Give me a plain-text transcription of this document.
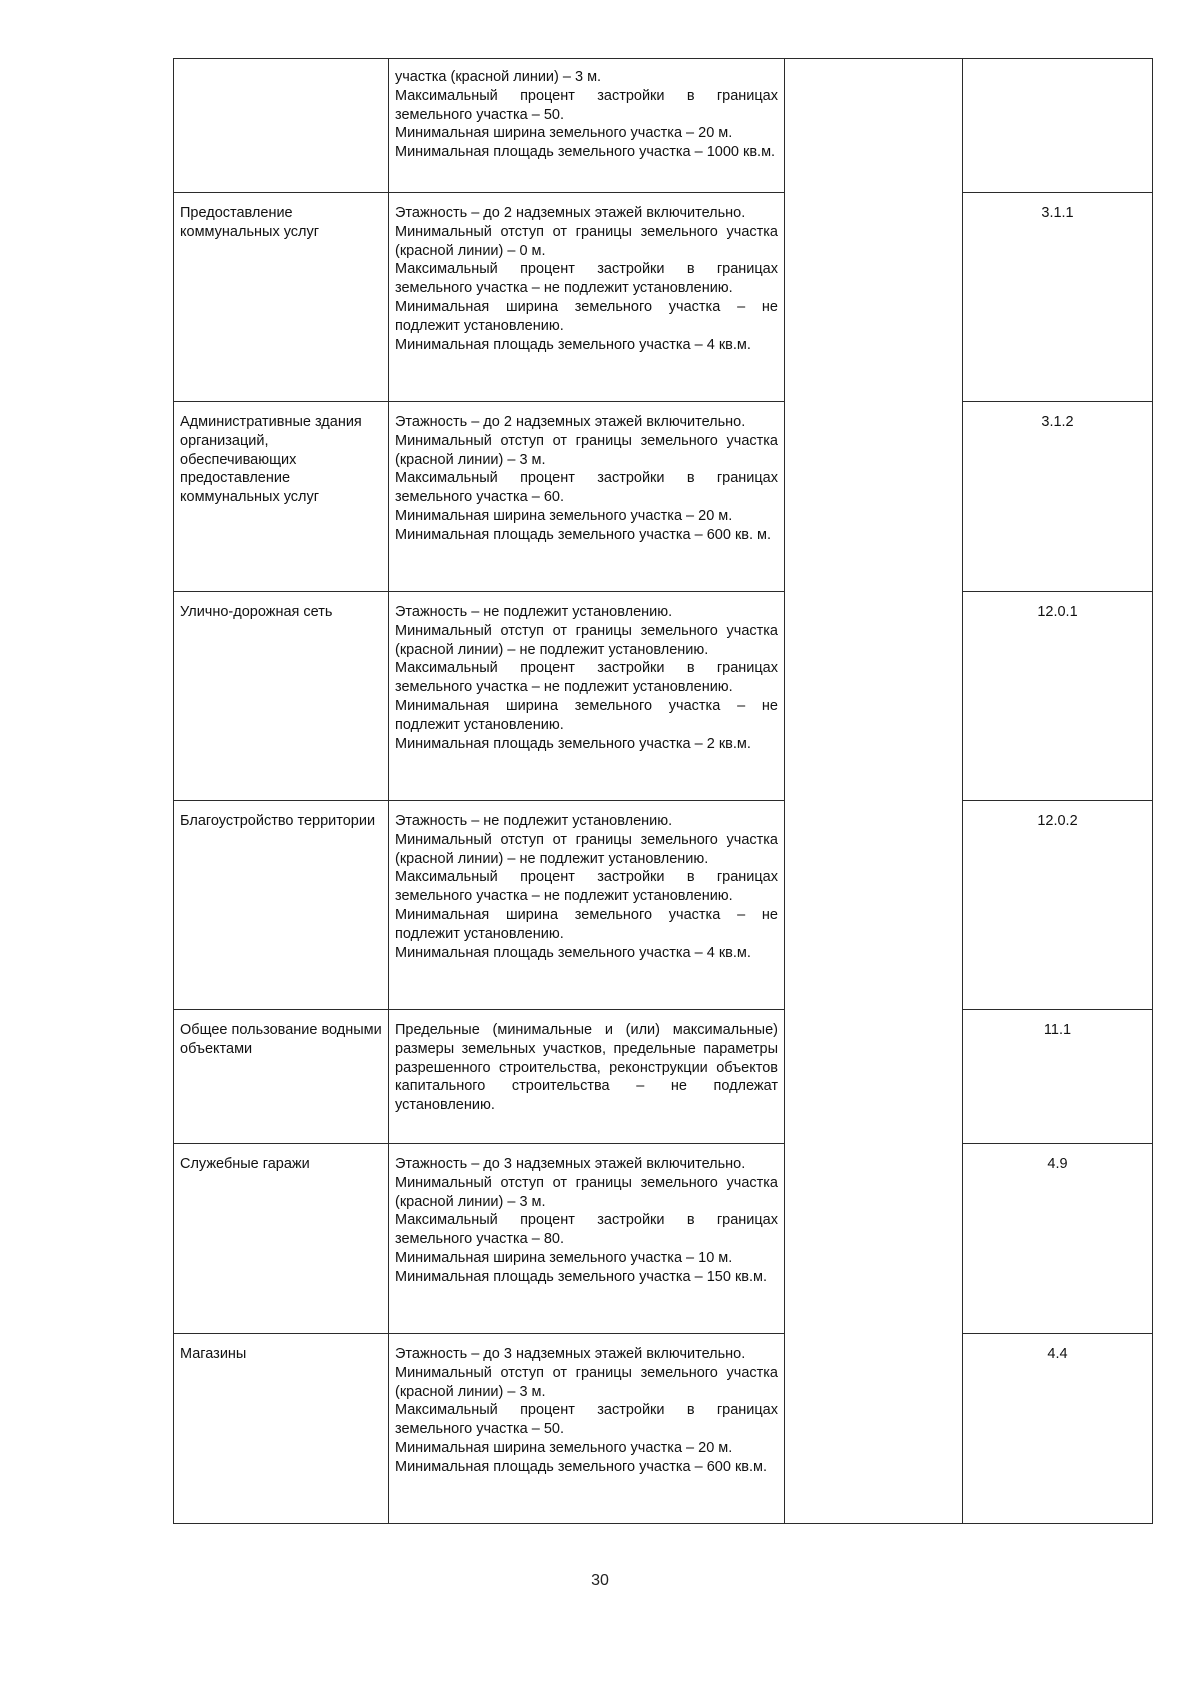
	участка (красной линии) – 3 м.
Максимальный процент застройки в границах земельного участка – 50.
Минимальная ширина земельного участка – 20 м.
Минимальная площадь земельного участка – 1000 кв.м.		

Предоставление коммунальных услуг	Этажность – до 2 надземных этажей включительно.
Минимальный отступ от границы земельного участка (красной линии) – 0 м.
Максимальный процент застройки в границах земельного участка – не подлежит установлению.
Минимальная ширина земельного участка – не подлежит установлению.
Минимальная площадь земельного участка – 4 кв.м.		3.1.1

Административные здания организаций, обеспечивающих предоставление коммунальных услуг	Этажность – до 2 надземных этажей включительно.
Минимальный отступ от границы земельного участка (красной линии) – 3 м.
Максимальный процент застройки в границах земельного участка – 60.
Минимальная ширина земельного участка – 20 м.
Минимальная площадь земельного участка – 600 кв. м.		3.1.2

Улично-дорожная сеть	Этажность – не подлежит установлению.
Минимальный отступ от границы земельного участка (красной линии) – не подлежит установлению.
Максимальный процент застройки в границах земельного участка – не подлежит установлению.
Минимальная ширина земельного участка – не подлежит установлению.
Минимальная площадь земельного участка – 2 кв.м.		12.0.1

Благоустройство территории	Этажность – не подлежит установлению.
Минимальный отступ от границы земельного участка (красной линии) – не подлежит установлению.
Максимальный процент застройки в границах земельного участка – не подлежит установлению.
Минимальная ширина земельного участка – не подлежит установлению.
Минимальная площадь земельного участка – 4 кв.м.		12.0.2

Общее пользование водными объектами	Предельные (минимальные и (или) максимальные) размеры земельных участков, предельные параметры разрешенного строительства, реконструкции объектов капитального строительства – не подлежат установлению.		11.1

Служебные гаражи	Этажность – до 3 надземных этажей включительно.
Минимальный отступ от границы земельного участка (красной линии) – 3 м.
Максимальный процент застройки в границах земельного участка – 80.
Минимальная ширина земельного участка – 10 м.
Минимальная площадь земельного участка – 150 кв.м.		4.9

Магазины	Этажность – до 3 надземных этажей включительно.
Минимальный отступ от границы земельного участка (красной линии) – 3 м.
Максимальный процент застройки в границах земельного участка – 50.
Минимальная ширина земельного участка – 20 м.
Минимальная площадь земельного участка – 600 кв.м.		4.4
30
